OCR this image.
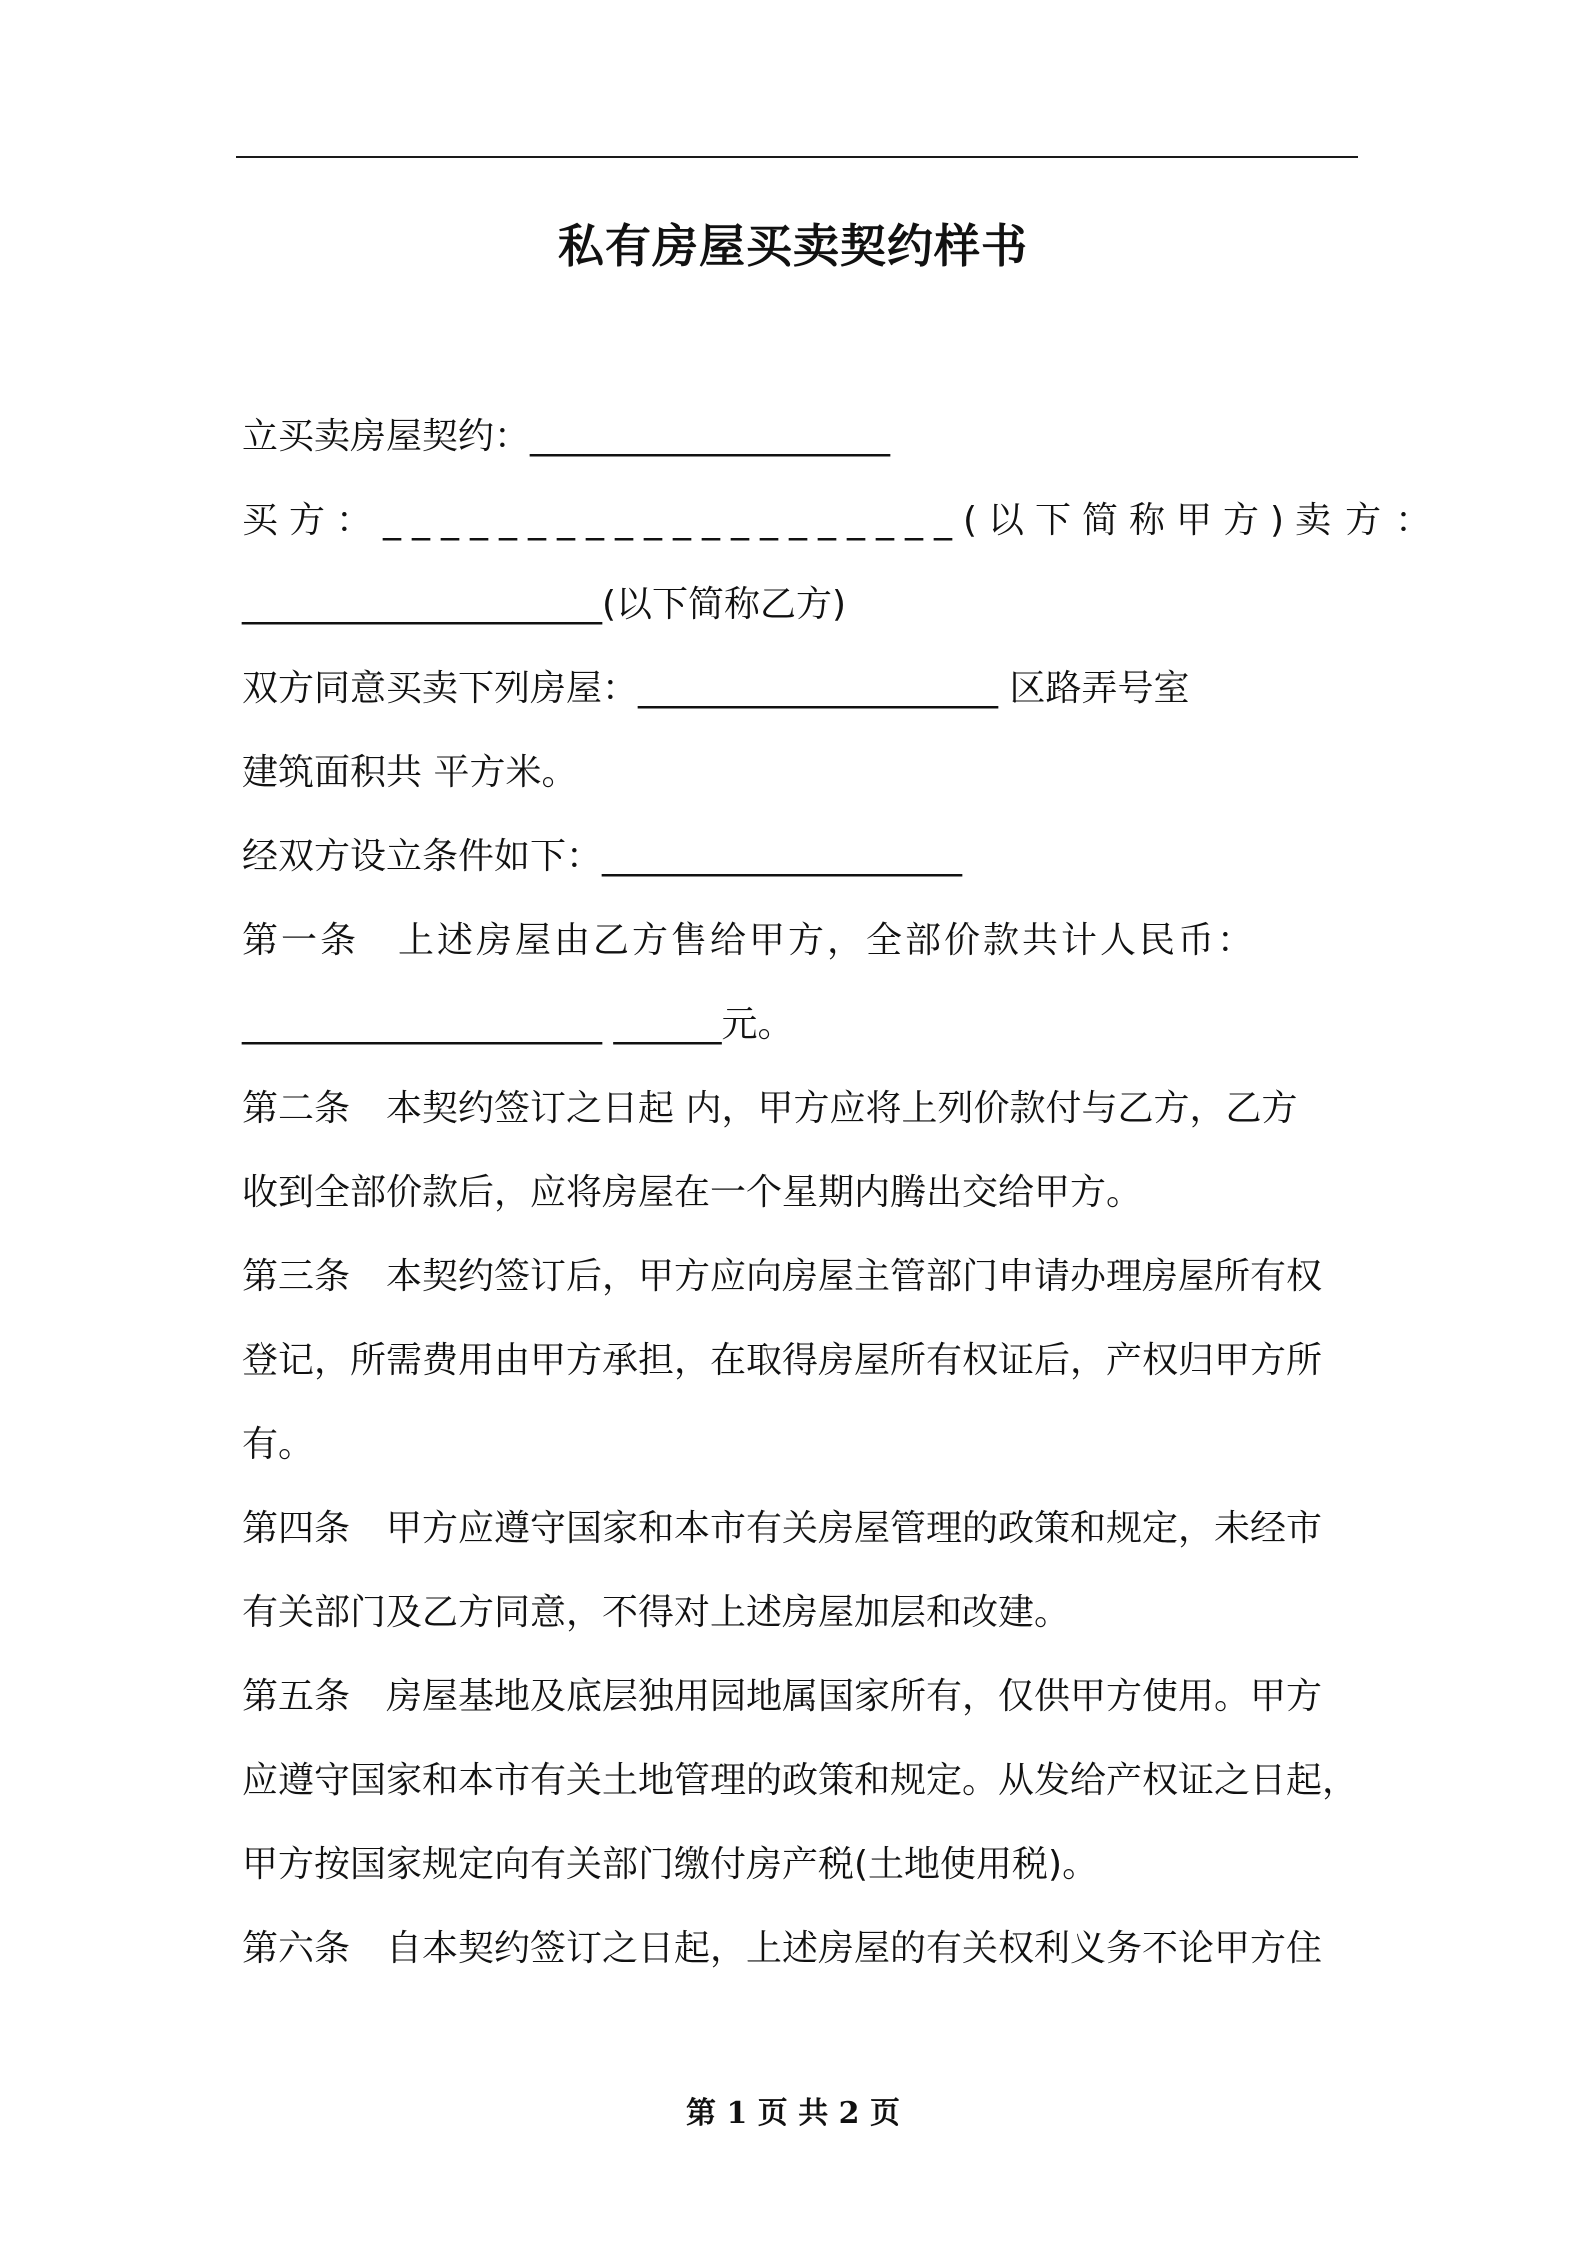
私有房屋买卖契约样书
立买卖房屋契约：____________________
买方：____________________(以下简称甲方) 卖方：
____________________(以下简称乙方)
双方同意买卖下列房屋：____________________ 区路弄号室
建筑面积共 平方米。
经双方设立条件如下：____________________
第一条　上述房屋由乙方售给甲方，全部价款共计人民币：
____________________ ______元。
第二条　本契约签订之日起 内，甲方应将上列价款付与乙方，乙方
收到全部价款后，应将房屋在一个星期内腾出交给甲方。
第三条　本契约签订后，甲方应向房屋主管部门申请办理房屋所有权
登记，所需费用由甲方承担，在取得房屋所有权证后，产权归甲方所
有。
第四条　甲方应遵守国家和本市有关房屋管理的政策和规定，未经市
有关部门及乙方同意，不得对上述房屋加层和改建。
第五条　房屋基地及底层独用园地属国家所有，仅供甲方使用。甲方
应遵守国家和本市有关土地管理的政策和规定。从发给产权证之日起，
甲方按国家规定向有关部门缴付房产税(土地使用税)。
第六条　自本契约签订之日起，上述房屋的有关权利义务不论甲方住
第 1 页 共 2 页
